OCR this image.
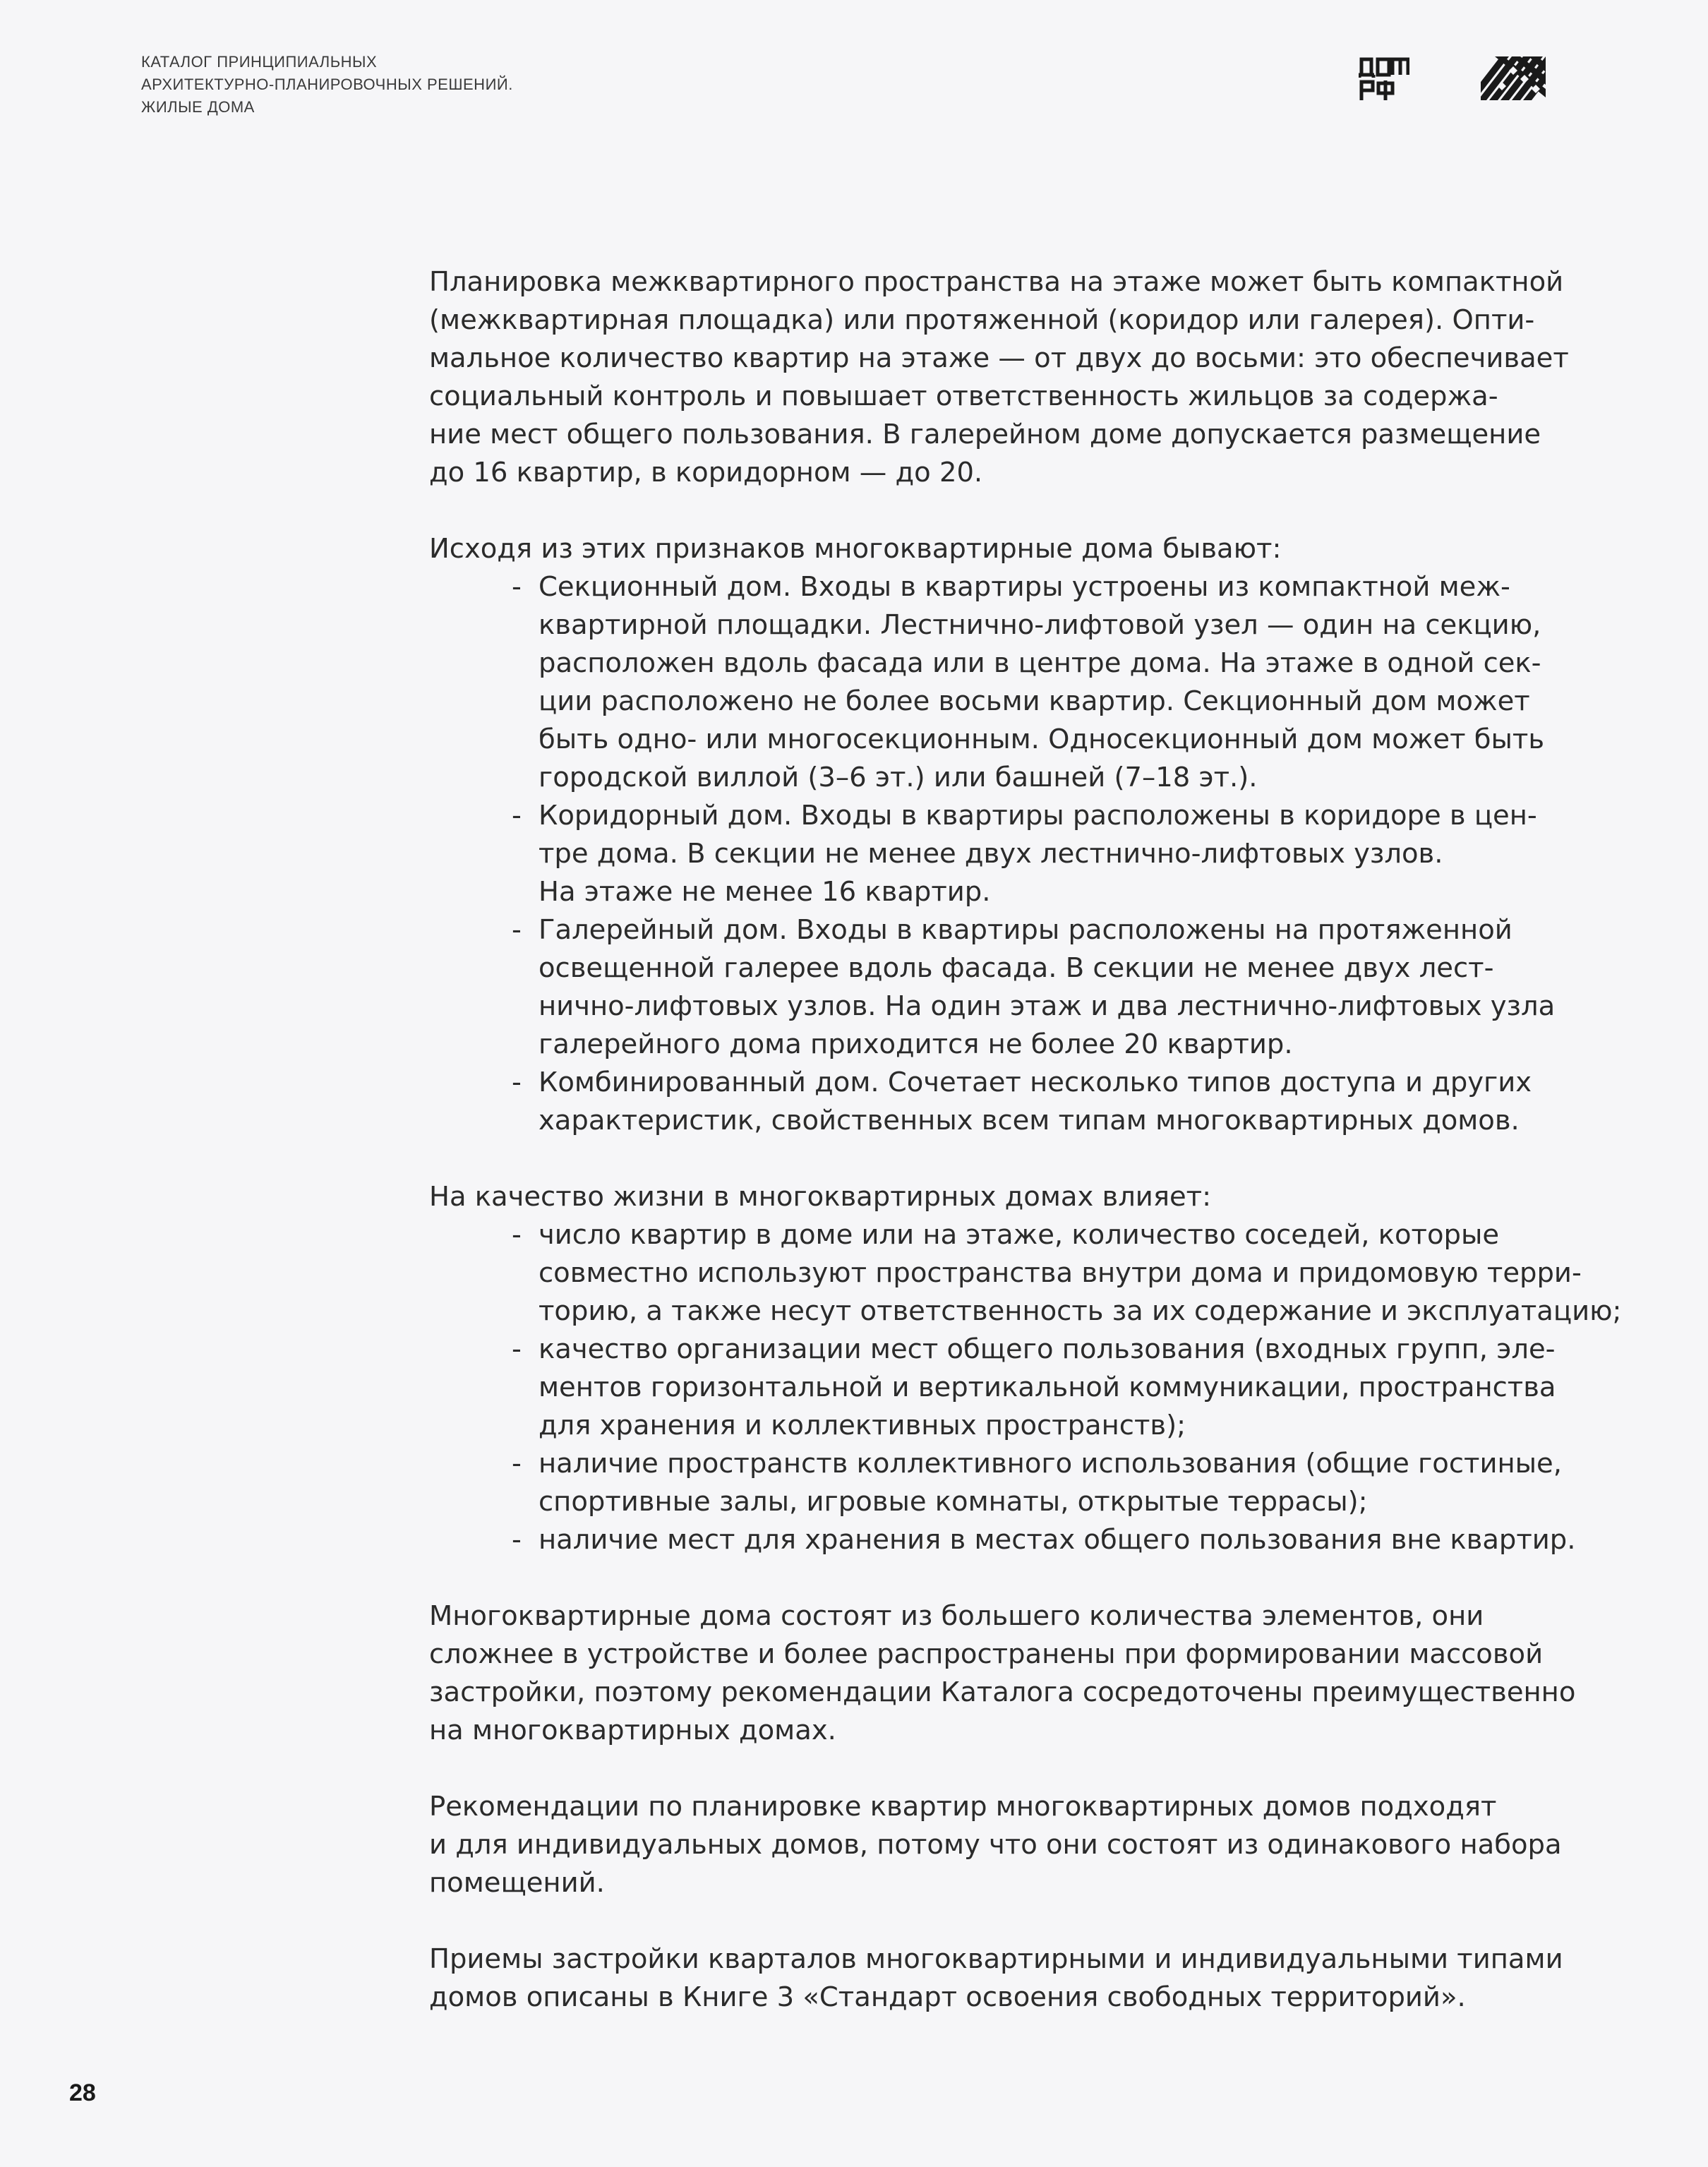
КАТАЛОГ ПРИНЦИПИАЛЬНЫХ
АРХИТЕКТУРНО-ПЛАНИРОВОЧНЫХ РЕШЕНИЙ.
ЖИЛЫЕ ДОМА

Планировка межквартирного пространства на этаже может быть компактной
(межквартирная площадка) или протяженной (коридор или галерея). Опти-
мальное количество квартир на этаже — от двух до восьми: это обеспечивает
социальный контроль и повышает ответственность жильцов за содержа-
ние мест общего пользования. В галерейном доме допускается размещение
до 16 квартир, в коридорном — до 20.

Исходя из этих признаков многоквартирные дома бывают:

- Секционный дом. Входы в квартиры устроены из компактной меж-
квартирной площадки. Лестнично-лифтовой узел — один на секцию,
расположен вдоль фасада или в центре дома. На этаже в одной сек-
ции расположено не более восьми квартир. Секционный дом может
быть одно- или многосекционным. Односекционный дом может быть
городской виллой (3–6 эт.) или башней (7–18 эт.).
- Коридорный дом. Входы в квартиры расположены в коридоре в цен-
тре дома. В секции не менее двух лестнично-лифтовых узлов.
На этаже не менее 16 квартир.
- Галерейный дом. Входы в квартиры расположены на протяженной
освещенной галерее вдоль фасада. В секции не менее двух лест-
нично-лифтовых узлов. На один этаж и два лестнично-лифтовых узла
галерейного дома приходится не более 20 квартир.
- Комбинированный дом. Сочетает несколько типов доступа и других
характеристик, свойственных всем типам многоквартирных домов.

На качество жизни в многоквартирных домах влияет:

- число квартир в доме или на этаже, количество соседей, которые
совместно используют пространства внутри дома и придомовую терри-
торию, а также несут ответственность за их содержание и эксплуатацию;
- качество организации мест общего пользования (входных групп, эле-
ментов горизонтальной и вертикальной коммуникации, пространства
для хранения и коллективных пространств);
- наличие пространств коллективного использования (общие гостиные,
спортивные залы, игровые комнаты, открытые террасы);
- наличие мест для хранения в местах общего пользования вне квартир.

Многоквартирные дома состоят из большего количества элементов, они
сложнее в устройстве и более распространены при формировании массовой
застройки, поэтому рекомендации Каталога сосредоточены преимущественно
на многоквартирных домах.

Рекомендации по планировке квартир многоквартирных домов подходят
и для индивидуальных домов, потому что они состоят из одинакового набора
помещений.

Приемы застройки кварталов многоквартирными и индивидуальными типами
домов описаны в Книге 3 «Стандарт освоения свободных территорий».

28
